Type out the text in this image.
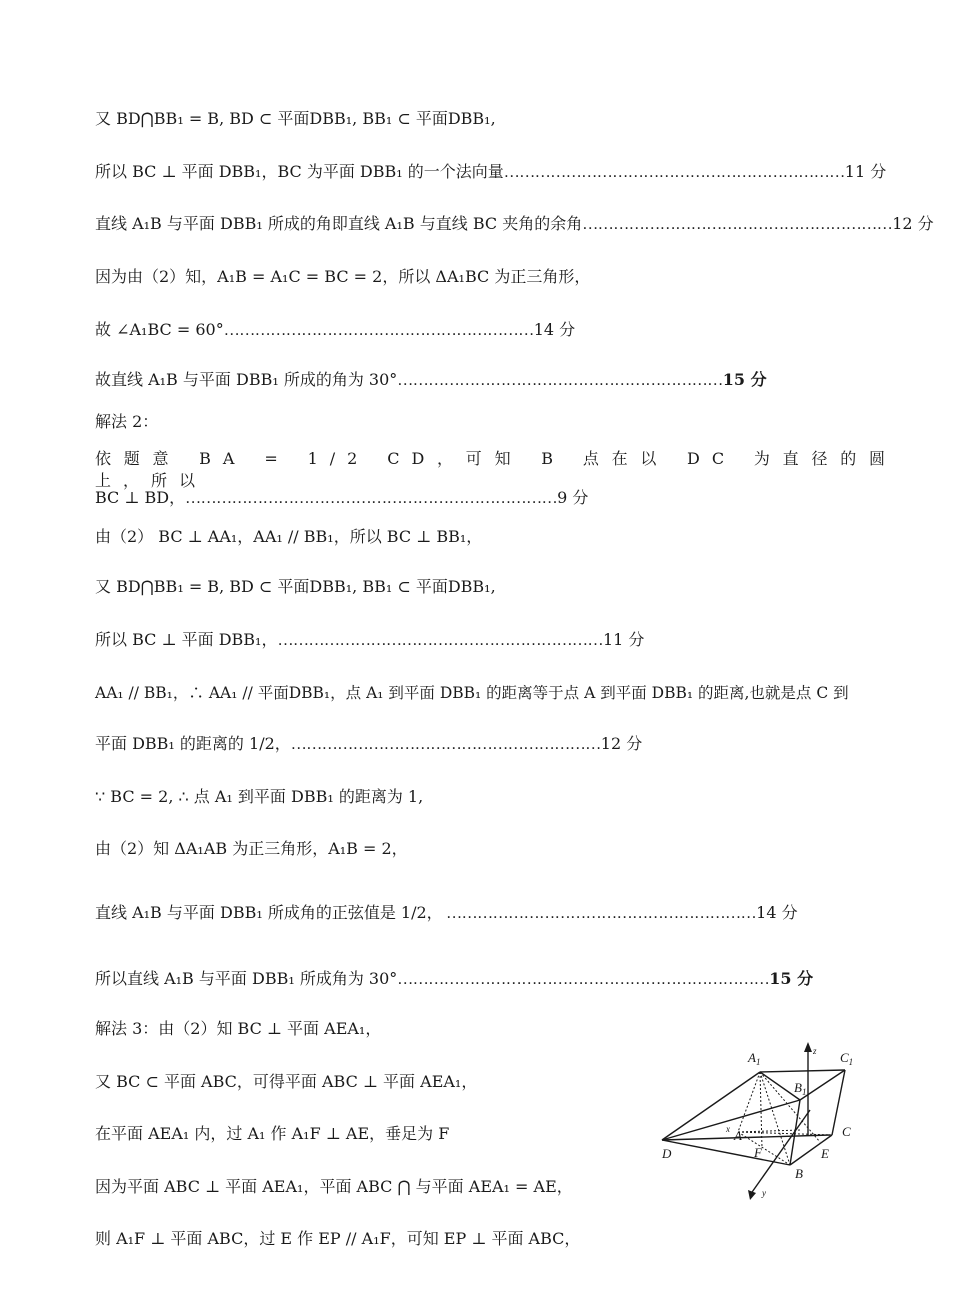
又 BD⋂BB₁ = B, BD ⊂ 平面DBB₁, BB₁ ⊂ 平面DBB₁,
所以 BC ⊥ 平面 DBB₁，BC 为平面 DBB₁ 的一个法向量…………………………………………………………11 分
直线 A₁B 与平面 DBB₁ 所成的角即直线 A₁B 与直线 BC 夹角的余角……………………………………………………12 分
因为由（2）知，A₁B = A₁C = BC = 2，所以 ΔA₁BC 为正三角形，
故 ∠A₁BC = 60°……………………………………………………14 分
故直线 A₁B 与平面 DBB₁ 所成的角为 30°………………………………………………………15 分
解法 2：
依题意 BA = 1/2 CD，可知 B 点在以 DC 为直径的圆上，所以
BC ⊥ BD，………………………………………………………………9 分
由（2） BC ⊥ AA₁，AA₁ // BB₁，所以 BC ⊥ BB₁，
又 BD⋂BB₁ = B, BD ⊂ 平面DBB₁, BB₁ ⊂ 平面DBB₁,
所以 BC ⊥ 平面 DBB₁，………………………………………………………11 分
AA₁ // BB₁，∴ AA₁ // 平面DBB₁，点 A₁ 到平面 DBB₁ 的距离等于点 A 到平面 DBB₁ 的距离,也就是点 C 到
平面 DBB₁ 的距离的 1/2，……………………………………………………12 分
∵ BC = 2, ∴ 点 A₁ 到平面 DBB₁ 的距离为 1,
由（2）知 ΔA₁AB 为正三角形，A₁B = 2，
直线 A₁B 与平面 DBB₁ 所成角的正弦值是 1/2， ……………………………………………………14 分
所以直线 A₁B 与平面 DBB₁ 所成角为 30°………………………………………………………………15 分
解法 3：由（2）知 BC ⊥ 平面 AEA₁，
又 BC ⊂ 平面 ABC，可得平面 ABC ⊥ 平面 AEA₁，
在平面 AEA₁ 内，过 A₁ 作 A₁F ⊥ AE，垂足为 F
因为平面 ABC ⊥ 平面 AEA₁，平面 ABC ⋂ 与平面 AEA₁ = AE，
则 A₁F ⊥ 平面 ABC，过 E 作 EP // A₁F，可知 EP ⊥ 平面 ABC，
$A_1$	$C_1$
$B_1$
z
x A
F	E
C
D
B
y
